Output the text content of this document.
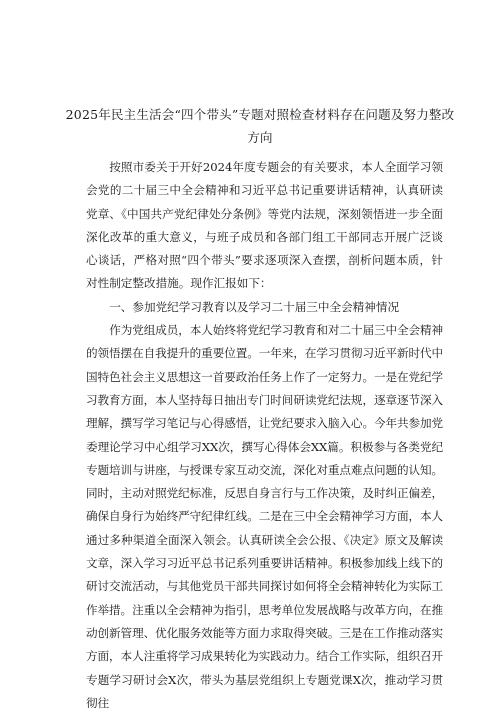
2025年民主生活会“四个带头”专题对照检查材料存在问题及努力整改
方向

按照市委关于开好2024年度专题会的有关要求，本人全面学习领会党的二十届三中全会精神和习近平总书记重要讲话精神，认真研读党章、《中国共产党纪律处分条例》等党内法规，深刻领悟进一步全面深化改革的重大意义，与班子成员和各部门组工干部同志开展广泛谈心谈话，严格对照“四个带头”要求逐项深入查摆，剖析问题本质，针对性制定整改措施。现作汇报如下：

一、参加党纪学习教育以及学习二十届三中全会精神情况

作为党组成员，本人始终将党纪学习教育和对二十届三中全会精神的领悟摆在自我提升的重要位置。一年来，在学习贯彻习近平新时代中国特色社会主义思想这一首要政治任务上作了一定努力。一是在党纪学习教育方面，本人坚持每日抽出专门时间研读党纪法规，逐章逐节深入理解，撰写学习笔记与心得感悟，让党纪要求入脑入心。今年共参加党委理论学习中心组学习XX次，撰写心得体会XX篇。积极参与各类党纪专题培训与讲座，与授课专家互动交流，深化对重点难点问题的认知。同时，主动对照党纪标准，反思自身言行与工作决策，及时纠正偏差，确保自身行为始终严守纪律红线。二是在三中全会精神学习方面，本人通过多种渠道全面深入领会。认真研读全会公报、《决定》原文及解读文章，深入学习习近平总书记系列重要讲话精神。积极参加线上线下的研讨交流活动，与其他党员干部共同探讨如何将全会精神转化为实际工作举措。注重以全会精神为指引，思考单位发展战略与改革方向，在推动创新管理、优化服务效能等方面力求取得突破。三是在工作推动落实方面，本人注重将学习成果转化为实践动力。结合工作实际，组织召开专题学习研讨会X次，带头为基层党组织上专题党课X次，推动学习贯彻往
